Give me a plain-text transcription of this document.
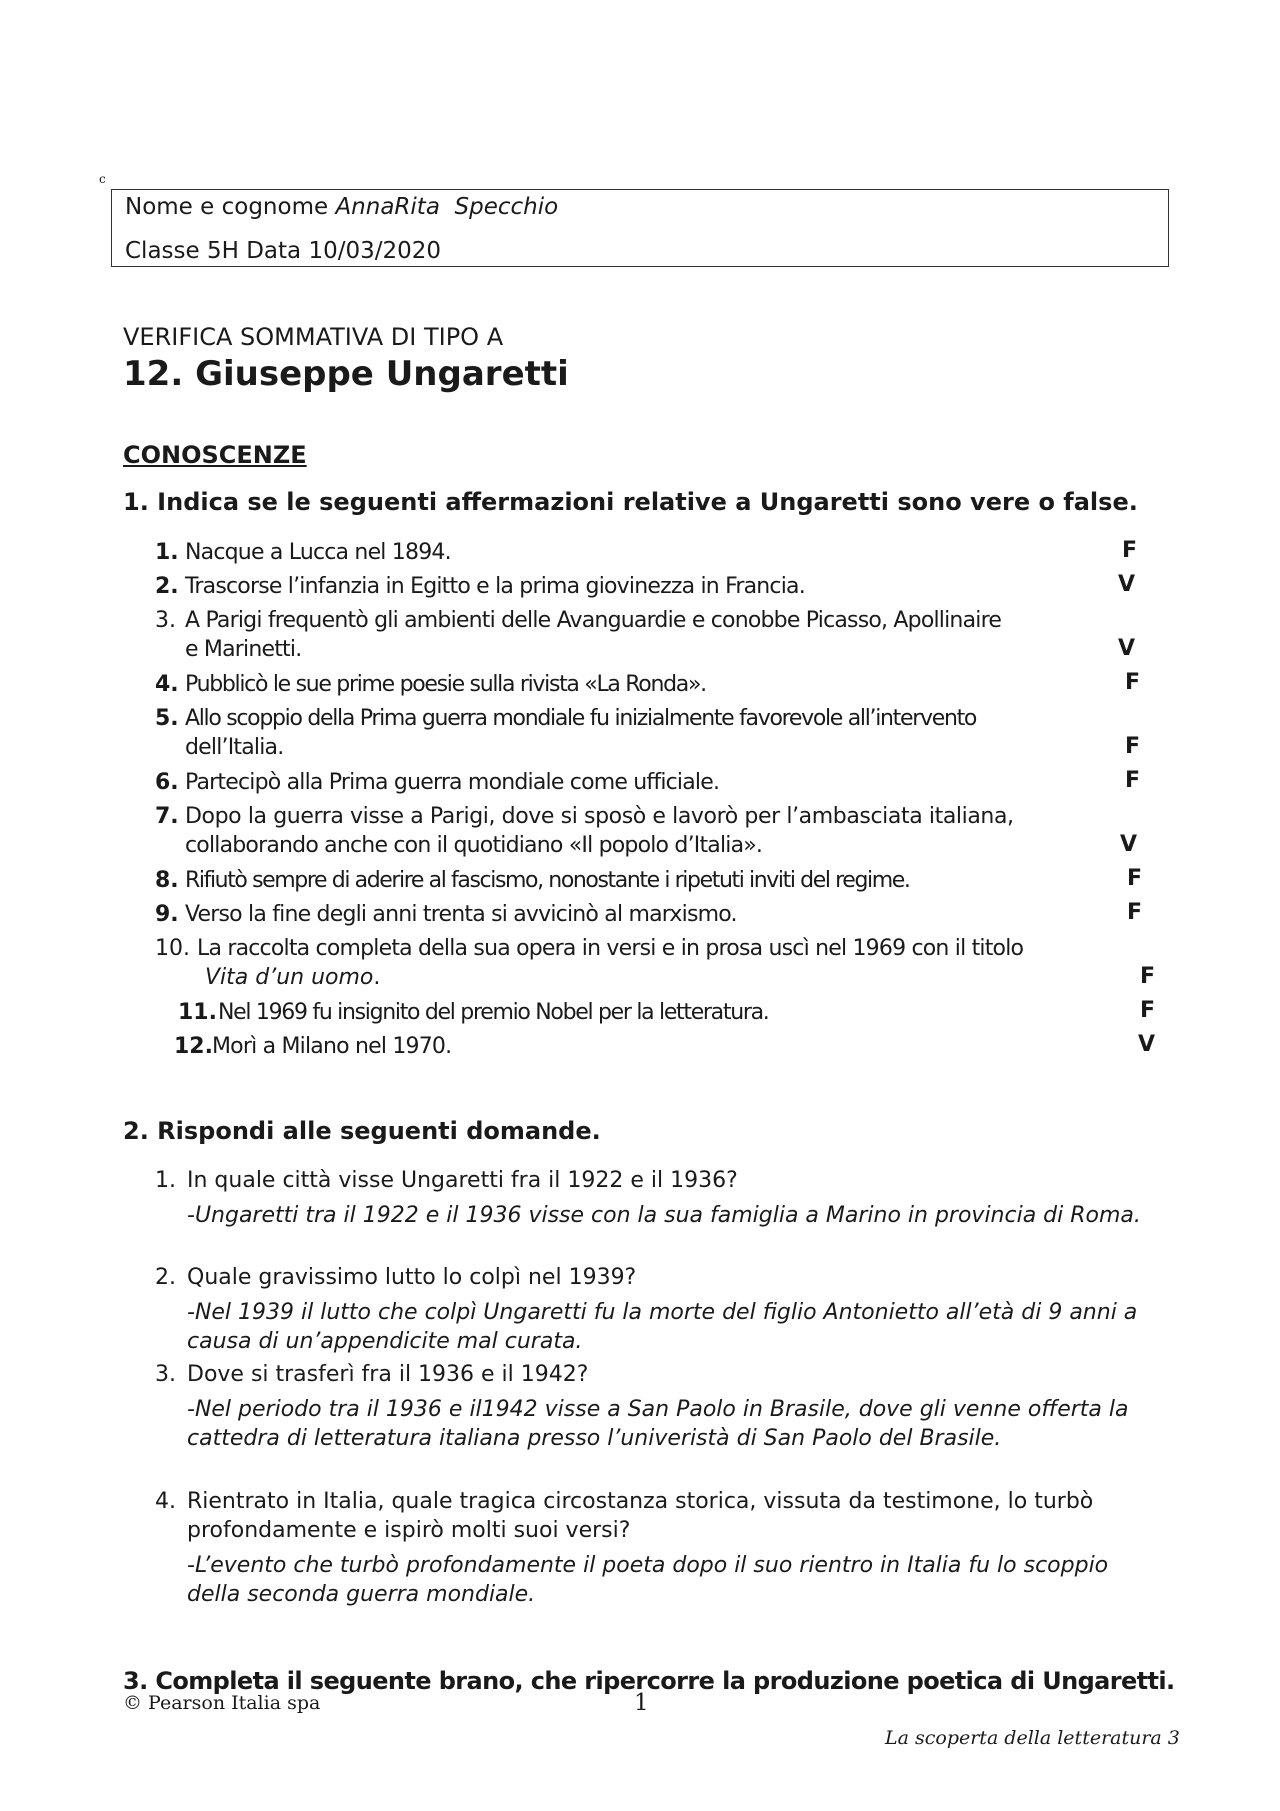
c
Nome e cognome AnnaRita  Specchio
Classe 5H Data 10/03/2020
VERIFICA SOMMATIVA DI TIPO A
12. Giuseppe Ungaretti
CONOSCENZE
1. Indica se le seguenti affermazioni relative a Ungaretti sono vere o false.
1. Nacque a Lucca nel 1894.	F
2. Trascorse l’infanzia in Egitto e la prima giovinezza in Francia.	V
3. A Parigi frequentò gli ambienti delle Avanguardie e conobbe Picasso, Apollinaire
e Marinetti.	V
4. Pubblicò le sue prime poesie sulla rivista «La Ronda».	F
5. Allo scoppio della Prima guerra mondiale fu inizialmente favorevole all’intervento
dell’Italia.	F
6. Partecipò alla Prima guerra mondiale come ufficiale.	F
7. Dopo la guerra visse a Parigi, dove si sposò e lavorò per l’ambasciata italiana,
collaborando anche con il quotidiano «Il popolo d’Italia».	V
8. Rifiutò sempre di aderire al fascismo, nonostante i ripetuti inviti del regime.	F
9. Verso la fine degli anni trenta si avvicinò al marxismo.	F
10. La raccolta completa della sua opera in versi e in prosa uscì nel 1969 con il titolo
Vita d’un uomo.	F
11. Nel 1969 fu insignito del premio Nobel per la letteratura.	F
12. Morì a Milano nel 1970.	V
2. Rispondi alle seguenti domande.
1. In quale città visse Ungaretti fra il 1922 e il 1936?
-Ungaretti tra il 1922 e il 1936 visse con la sua famiglia a Marino in provincia di Roma.
2. Quale gravissimo lutto lo colpì nel 1939?
-Nel 1939 il lutto che colpì Ungaretti fu la morte del figlio Antonietto all’età di 9 anni a causa di un’appendicite mal curata.
3. Dove si trasferì fra il 1936 e il 1942?
-Nel periodo tra il 1936 e il1942 visse a San Paolo in Brasile, dove gli venne offerta la cattedra di letteratura italiana presso l’univeristà di San Paolo del Brasile.
4. Rientrato in Italia, quale tragica circostanza storica, vissuta da testimone, lo turbò profondamente e ispirò molti suoi versi?
-L’evento che turbò profondamente il poeta dopo il suo rientro in Italia fu lo scoppio della seconda guerra mondiale.
3. Completa il seguente brano, che ripercorre la produzione poetica di Ungaretti.
© Pearson Italia spa	1
La scoperta della letteratura 3
